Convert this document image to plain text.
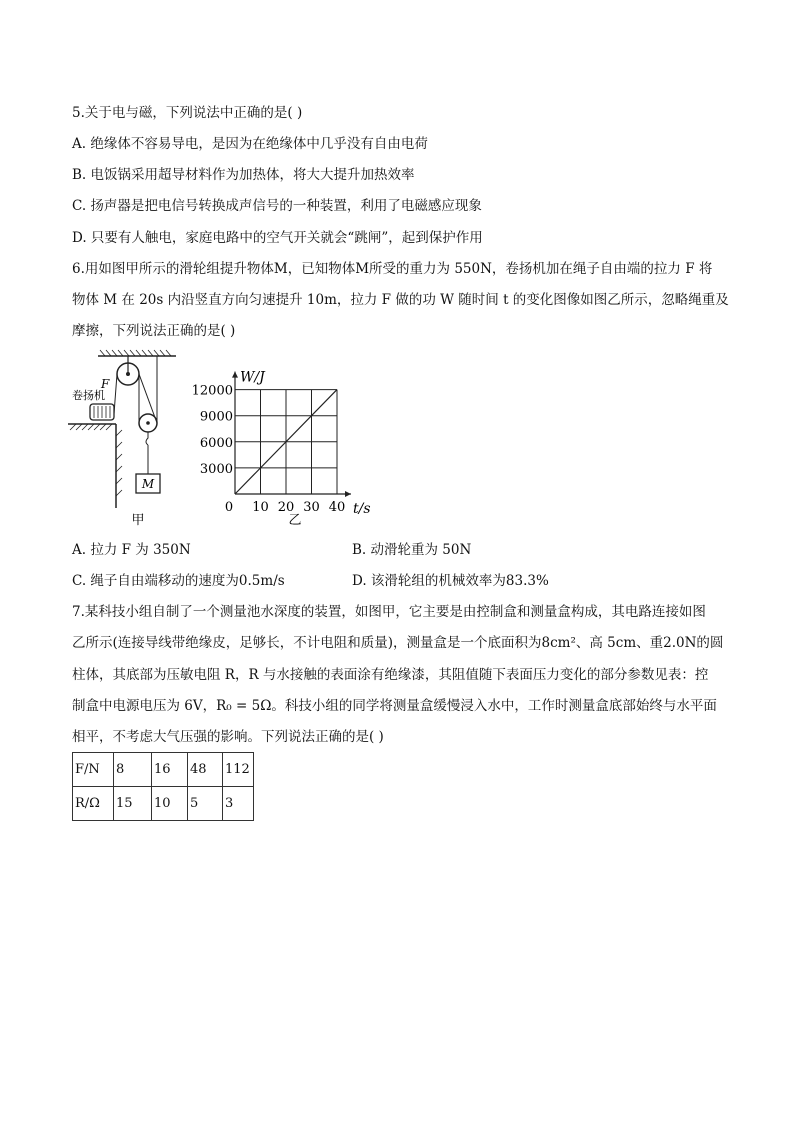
5.关于电与磁，下列说法中正确的是( )
A. 绝缘体不容易导电，是因为在绝缘体中几乎没有自由电荷
B. 电饭锅采用超导材料作为加热体，将大大提升加热效率
C. 扬声器是把电信号转换成声信号的一种装置，利用了电磁感应现象
D. 只要有人触电，家庭电路中的空气开关就会“跳闸”，起到保护作用
6.用如图甲所示的滑轮组提升物体M，已知物体M所受的重力为 550N，卷扬机加在绳子自由端的拉力 F 将
物体 M 在 20s 内沿竖直方向匀速提升 10m，拉力 F 做的功 W 随时间 t 的变化图像如图乙所示，忽略绳重及
摩擦，下列说法正确的是( )
M
F
卷扬机
甲
0 10 20 30 40
3000
6000
9000
12000
t/s
W/J
乙
A. 拉力 F 为 350N	B. 动滑轮重为 50N
C. 绳子自由端移动的速度为0.5m/s	D. 该滑轮组的机械效率为83.3%
7.某科技小组自制了一个测量池水深度的装置，如图甲，它主要是由控制盒和测量盒构成，其电路连接如图
乙所示(连接导线带绝缘皮，足够长，不计电阻和质量)，测量盒是一个底面积为8cm²、高 5cm、重2.0N的圆
柱体，其底部为压敏电阻 R，R 与水接触的表面涂有绝缘漆，其阻值随下表面压力变化的部分参数见表：控
制盒中电源电压为 6V，R₀ = 5Ω。科技小组的同学将测量盒缓慢浸入水中，工作时测量盒底部始终与水平面
相平，不考虑大气压强的影响。下列说法正确的是( )
F/N	8	16	48	112
R/Ω	15	10	5	3
